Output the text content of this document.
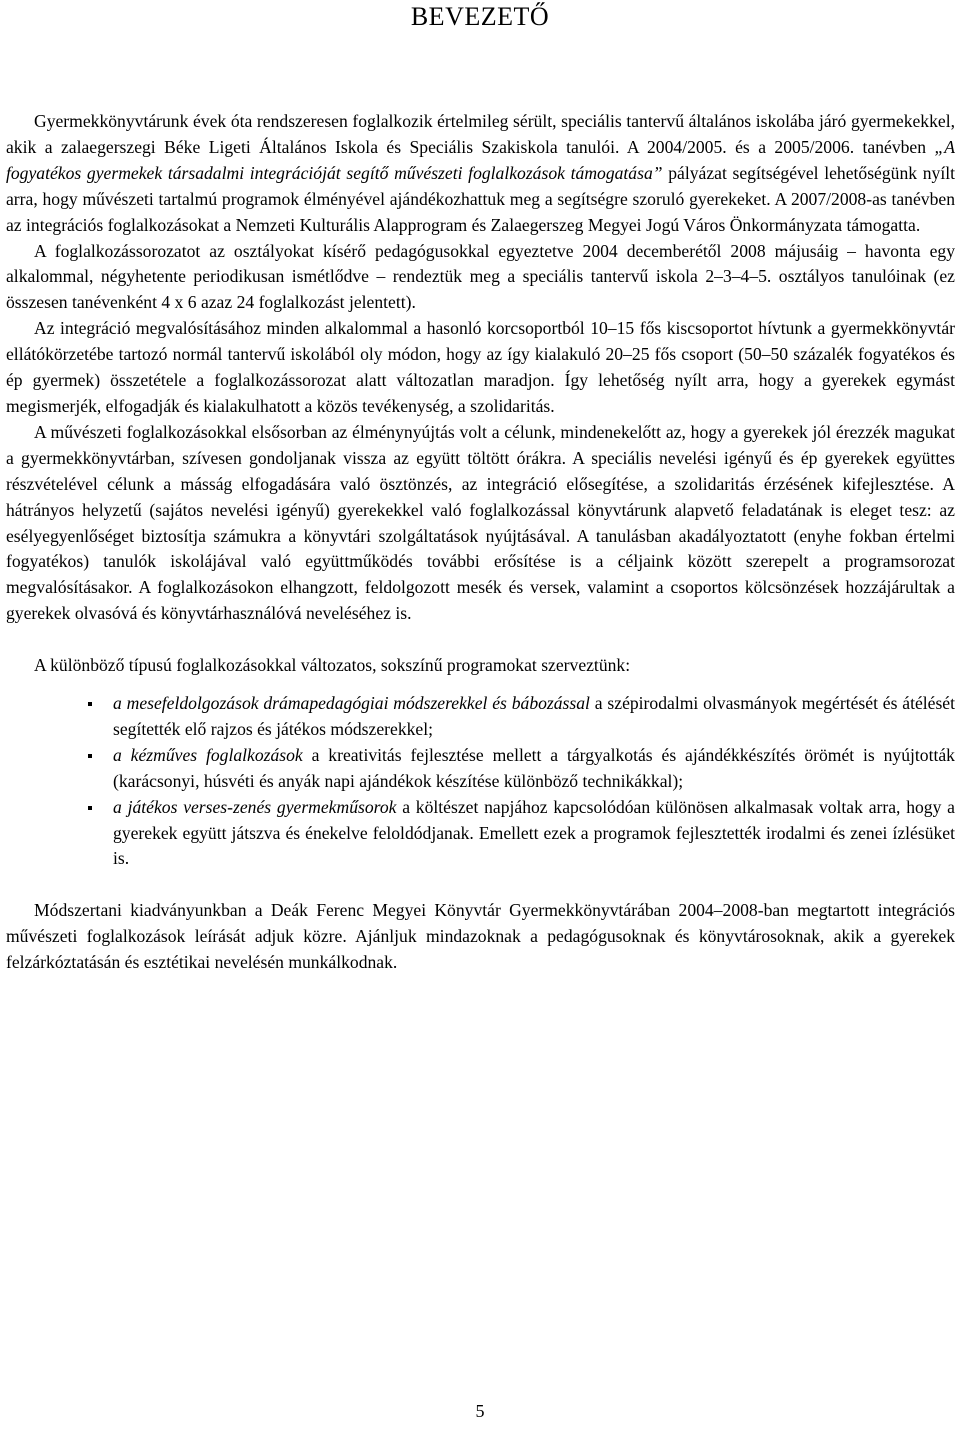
BEVEZETŐ

Gyermekkönyvtárunk évek óta rendszeresen foglalkozik értelmileg sérült, speciális tantervű általános iskolába járó gyermekekkel, akik a zalaegerszegi Béke Ligeti Általános Iskola és Speciális Szakiskola tanulói. A 2004/2005. és a 2005/2006. tanévben „A fogyatékos gyermekek társadalmi integrációját segítő művészeti foglalkozások támogatása” pályázat segítségével lehetőségünk nyílt arra, hogy művészeti tartalmú programok élményével ajándékozhattuk meg a segítségre szoruló gyerekeket. A 2007/2008-as tanévben az integrációs foglalkozásokat a Nemzeti Kulturális Alapprogram és Zalaegerszeg Megyei Jogú Város Önkormányzata támogatta.

A foglalkozássorozatot az osztályokat kísérő pedagógusokkal egyeztetve 2004 decemberétől 2008 májusáig – havonta egy alkalommal, négyhetente periodikusan ismétlődve – rendeztük meg a speciális tantervű iskola 2–3–4–5. osztályos tanulóinak (ez összesen tanévenként 4 x 6 azaz 24 foglalkozást jelentett).

Az integráció megvalósításához minden alkalommal a hasonló korcsoportból 10–15 fős kiscsoportot hívtunk a gyermekkönyvtár ellátókörzetébe tartozó normál tantervű iskolából oly módon, hogy az így kialakuló 20–25 fős csoport (50–50 százalék fogyatékos és ép gyermek) összetétele a foglalkozássorozat alatt változatlan maradjon. Így lehetőség nyílt arra, hogy a gyerekek egymást megismerjék, elfogadják és kialakulhatott a közös tevékenység, a szolidaritás.

A művészeti foglalkozásokkal elsősorban az élménynyújtás volt a célunk, mindenekelőtt az, hogy a gyerekek jól érezzék magukat a gyermekkönyvtárban, szívesen gondoljanak vissza az együtt töltött órákra. A speciális nevelési igényű és ép gyerekek együttes részvételével célunk a másság elfogadására való ösztönzés, az integráció elősegítése, a szolidaritás érzésének kifejlesztése. A hátrányos helyzetű (sajátos nevelési igényű) gyerekekkel való foglalkozással könyvtárunk alapvető feladatának is eleget tesz: az esélyegyenlőséget biztosítja számukra a könyvtári szolgáltatások nyújtásával. A tanulásban akadályoztatott (enyhe fokban értelmi fogyatékos) tanulók iskolájával való együttműködés további erősítése is a céljaink között szerepelt a programsorozat megvalósításakor. A foglalkozásokon elhangzott, feldolgozott mesék és versek, valamint a csoportos kölcsönzések hozzájárultak a gyerekek olvasóvá és könyvtárhasználóvá neveléséhez is.

A különböző típusú foglalkozásokkal változatos, sokszínű programokat szerveztünk:

a mesefeldolgozások drámapedagógiai módszerekkel és bábozással a szépirodalmi olvasmányok megértését és átélését segítették elő rajzos és játékos módszerekkel;
a kézműves foglalkozások a kreativitás fejlesztése mellett a tárgyalkotás és ajándékkészítés örömét is nyújtották (karácsonyi, húsvéti és anyák napi ajándékok készítése különböző technikákkal);
a játékos verses-zenés gyermekműsorok a költészet napjához kapcsolódóan különösen alkalmasak voltak arra, hogy a gyerekek együtt játszva és énekelve feloldódjanak. Emellett ezek a programok fejlesztették irodalmi és zenei ízlésüket is.

Módszertani kiadványunkban a Deák Ferenc Megyei Könyvtár Gyermekkönyvtárában 2004–2008-ban megtartott integrációs művészeti foglalkozások leírását adjuk közre. Ajánljuk mindazoknak a pedagógusoknak és könyvtárosoknak, akik a gyerekek felzárkóztatásán és esztétikai nevelésén munkálkodnak.

5
